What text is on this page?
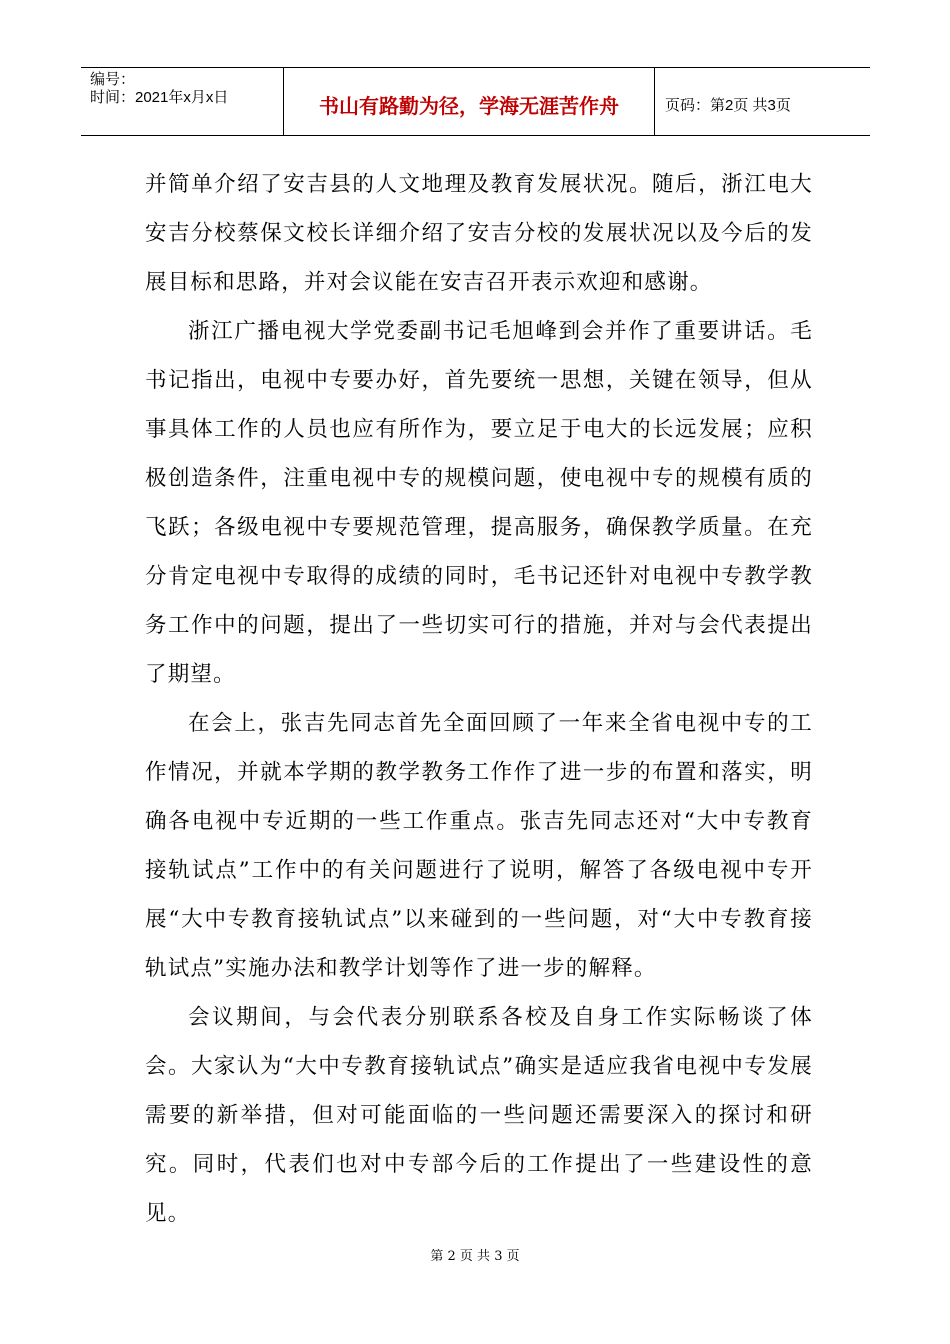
编号：
时间：2021年x月x日	书山有路勤为径，学海无涯苦作舟	页码：第2页 共3页

并简单介绍了安吉县的人文地理及教育发展状况。随后，浙江电大安吉分校蔡保文校长详细介绍了安吉分校的发展状况以及今后的发展目标和思路，并对会议能在安吉召开表示欢迎和感谢。

浙江广播电视大学党委副书记毛旭峰到会并作了重要讲话。毛书记指出，电视中专要办好，首先要统一思想，关键在领导，但从事具体工作的人员也应有所作为，要立足于电大的长远发展；应积极创造条件，注重电视中专的规模问题，使电视中专的规模有质的飞跃；各级电视中专要规范管理，提高服务，确保教学质量。在充分肯定电视中专取得的成绩的同时，毛书记还针对电视中专教学教务工作中的问题，提出了一些切实可行的措施，并对与会代表提出了期望。

在会上，张吉先同志首先全面回顾了一年来全省电视中专的工作情况，并就本学期的教学教务工作作了进一步的布置和落实，明确各电视中专近期的一些工作重点。张吉先同志还对“大中专教育接轨试点”工作中的有关问题进行了说明，解答了各级电视中专开展“大中专教育接轨试点”以来碰到的一些问题，对“大中专教育接轨试点”实施办法和教学计划等作了进一步的解释。

会议期间，与会代表分别联系各校及自身工作实际畅谈了体会。大家认为“大中专教育接轨试点”确实是适应我省电视中专发展需要的新举措，但对可能面临的一些问题还需要深入的探讨和研究。同时，代表们也对中专部今后的工作提出了一些建设性的意见。

第 2 页 共 3 页
